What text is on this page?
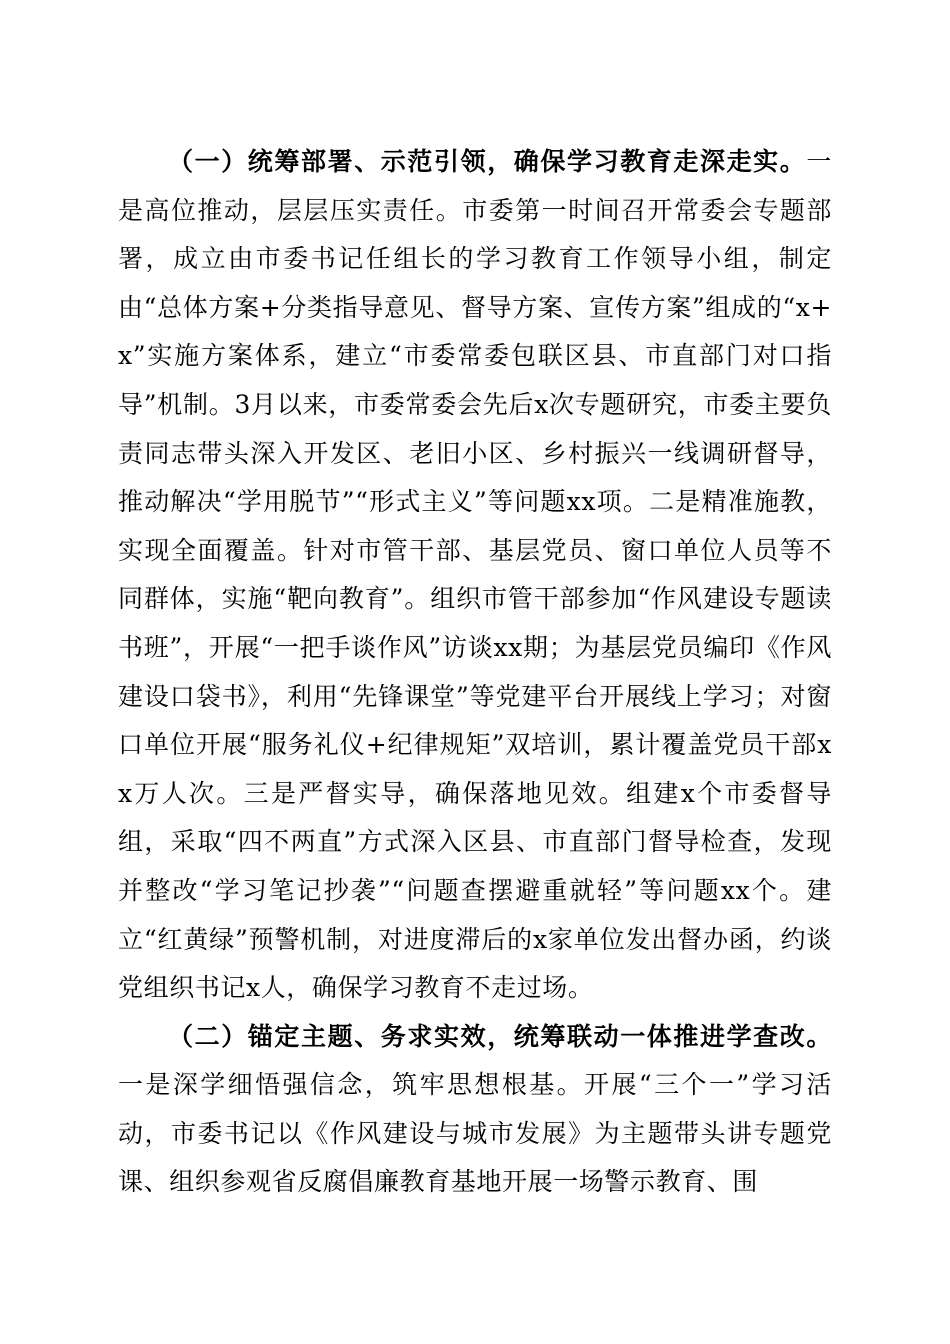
（一）统筹部署、示范引领，确保学习教育走深走实。一是高位推动，层层压实责任。市委第一时间召开常委会专题部署，成立由市委书记任组长的学习教育工作领导小组，制定由“总体方案+分类指导意见、督导方案、宣传方案”组成的“x+x”实施方案体系，建立“市委常委包联区县、市直部门对口指导”机制。3月以来，市委常委会先后x次专题研究，市委主要负责同志带头深入开发区、老旧小区、乡村振兴一线调研督导，推动解决“学用脱节”“形式主义”等问题xx项。二是精准施教，实现全面覆盖。针对市管干部、基层党员、窗口单位人员等不同群体，实施“靶向教育”。组织市管干部参加“作风建设专题读书班”，开展“一把手谈作风”访谈xx期；为基层党员编印《作风建设口袋书》，利用“先锋课堂”等党建平台开展线上学习；对窗口单位开展“服务礼仪+纪律规矩”双培训，累计覆盖党员干部xx万人次。三是严督实导，确保落地见效。组建x个市委督导组，采取“四不两直”方式深入区县、市直部门督导检查，发现并整改“学习笔记抄袭”“问题查摆避重就轻”等问题xx个。建立“红黄绿”预警机制，对进度滞后的x家单位发出督办函，约谈党组织书记x人，确保学习教育不走过场。

（二）锚定主题、务求实效，统筹联动一体推进学查改。一是深学细悟强信念，筑牢思想根基。开展“三个一”学习活动，市委书记以《作风建设与城市发展》为主题带头讲专题党课、组织参观省反腐倡廉教育基地开展一场警示教育、围
